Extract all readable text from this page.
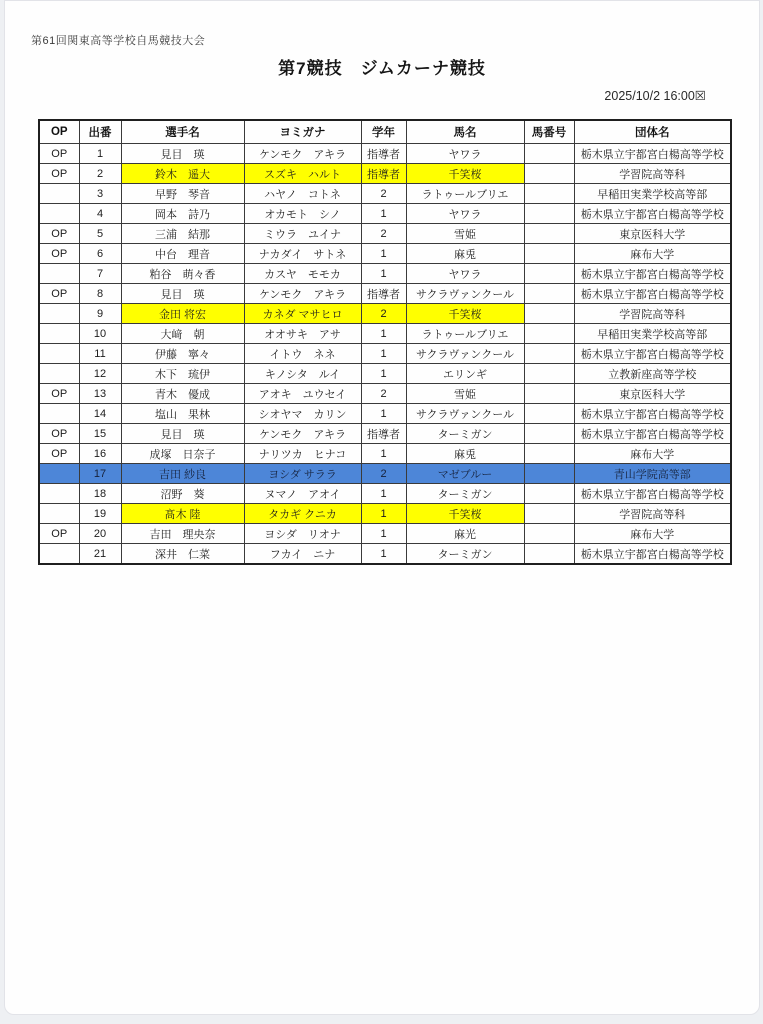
第61回関東高等学校自馬競技大会
第7競技　ジムカーナ競技
2025/10/2 16:00☒
OP	出番	選手名	ヨミガナ	学年	馬名	馬番号	団体名
OP	1	見目　瑛	ケンモク　アキラ	指導者	ヤワラ		栃木県立宇都宮白楊高等学校
OP	2	鈴木　遥大	スズキ　ハルト	指導者	千笑桜		学習院高等科
	3	早野　琴音	ハヤノ　コトネ	2	ラトゥールブリエ		早稲田実業学校高等部
	4	岡本　詩乃	オカモト　シノ	1	ヤワラ		栃木県立宇都宮白楊高等学校
OP	5	三浦　結那	ミウラ　ユイナ	2	雪姫		東京医科大学
OP	6	中台　理音	ナカダイ　サトネ	1	麻兎		麻布大学
	7	粕谷　萌々香	カスヤ　モモカ	1	ヤワラ		栃木県立宇都宮白楊高等学校
OP	8	見目　瑛	ケンモク　アキラ	指導者	サクラヴァンクール		栃木県立宇都宮白楊高等学校
	9	金田 将宏	カネダ マサヒロ	2	千笑桜		学習院高等科
	10	大﨑　朝	オオサキ　アサ	1	ラトゥールブリエ		早稲田実業学校高等部
	11	伊藤　寧々	イトウ　ネネ	1	サクラヴァンクール		栃木県立宇都宮白楊高等学校
	12	木下　琉伊	キノシタ　ルイ	1	エリンギ		立教新座高等学校
OP	13	青木　優成	アオキ　ユウセイ	2	雪姫		東京医科大学
	14	塩山　果林	シオヤマ　カリン	1	サクラヴァンクール		栃木県立宇都宮白楊高等学校
OP	15	見目　瑛	ケンモク　アキラ	指導者	ターミガン		栃木県立宇都宮白楊高等学校
OP	16	成塚　日奈子	ナリツカ　ヒナコ	1	麻兎		麻布大学
	17	吉田 紗良	ヨシダ サララ	2	マゼブルー		青山学院高等部
	18	沼野　葵	ヌマノ　アオイ	1	ターミガン		栃木県立宇都宮白楊高等学校
	19	髙木 陸	タカギ クニカ	1	千笑桜		学習院高等科
OP	20	吉田　理央奈	ヨシダ　リオナ	1	麻光		麻布大学
	21	深井　仁菜	フカイ　ニナ	1	ターミガン		栃木県立宇都宮白楊高等学校
